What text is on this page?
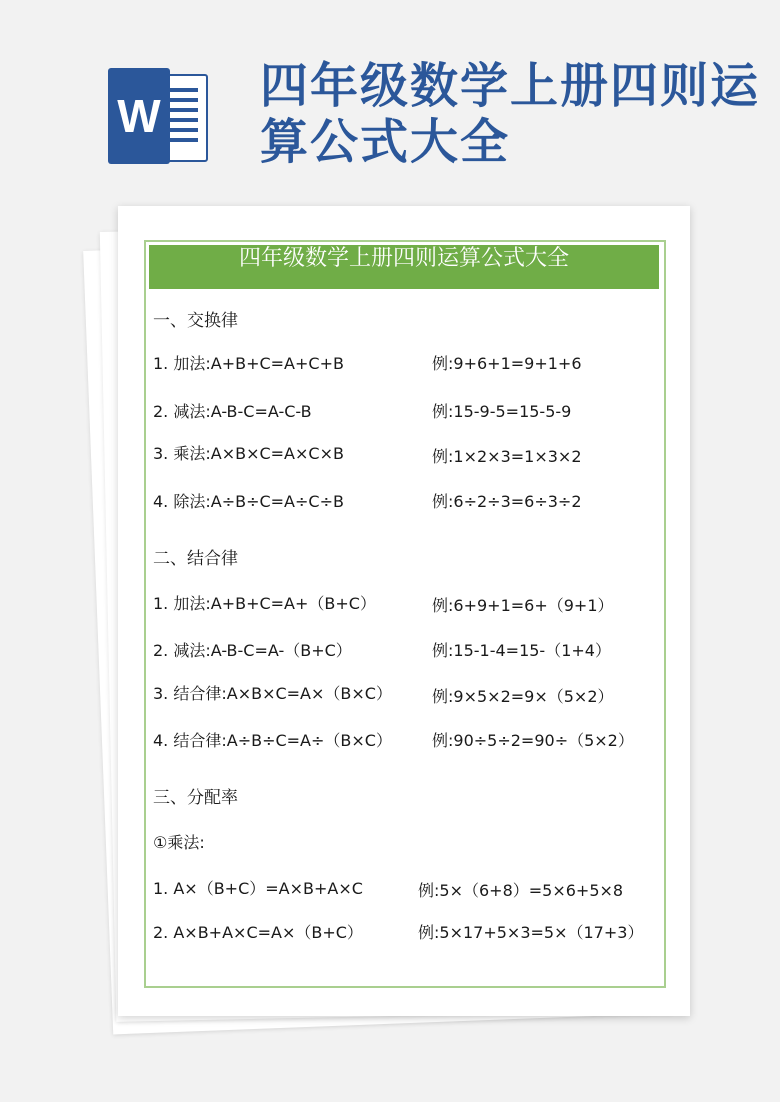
W
四年级数学上册四则运算公式大全
四年级数学上册四则运算公式大全
一、交换律
1. 加法:A+B+C=A+C+B	例:9+6+1=9+1+6
2. 减法:A-B-C=A-C-B	例:15-9-5=15-5-9
3. 乘法:A×B×C=A×C×B	例:1×2×3=1×3×2
4. 除法:A÷B÷C=A÷C÷B	例:6÷2÷3=6÷3÷2
二、结合律
1. 加法:A+B+C=A+（B+C）	例:6+9+1=6+（9+1）
2. 减法:A-B-C=A-（B+C）	例:15-1-4=15-（1+4）
3. 结合律:A×B×C=A×（B×C）	例:9×5×2=9×（5×2）
4. 结合律:A÷B÷C=A÷（B×C）	例:90÷5÷2=90÷（5×2）
三、分配率
①乘法:
1. A×（B+C）=A×B+A×C	例:5×（6+8）=5×6+5×8
2. A×B+A×C=A×（B+C）	例:5×17+5×3=5×（17+3）
